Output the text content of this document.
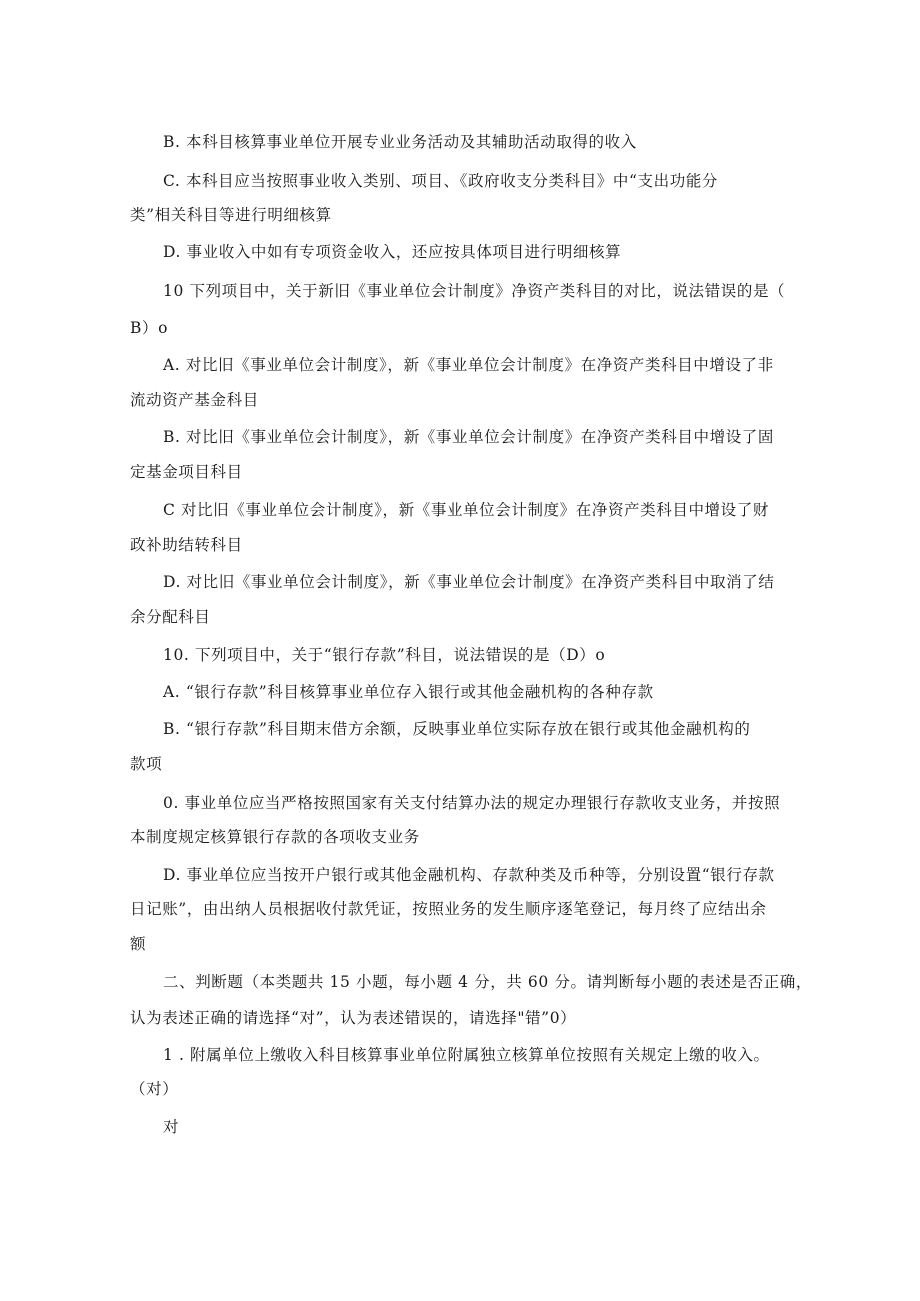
B. 本科目核算事业单位开展专业业务活动及其辅助活动取得的收入
C. 本科目应当按照事业收入类别、项目、《政府收支分类科目》中“支出功能分
类”相关科目等进行明细核算
D. 事业收入中如有专项资金收入，还应按具体项目进行明细核算
10 下列项目中，关于新旧《事业单位会计制度》净资产类科目的对比，说法错误的是（
B）o
A. 对比旧《事业单位会计制度》，新《事业单位会计制度》在净资产类科目中增设了非
流动资产基金科目
B. 对比旧《事业单位会计制度》，新《事业单位会计制度》在净资产类科目中增设了固
定基金项目科目
C 对比旧《事业单位会计制度》，新《事业单位会计制度》在净资产类科目中增设了财
政补助结转科目
D. 对比旧《事业单位会计制度》，新《事业单位会计制度》在净资产类科目中取消了结
余分配科目
10. 下列项目中，关于“银行存款”科目，说法错误的是（D）o
A. “银行存款”科目核算事业单位存入银行或其他金融机构的各种存款
B. “银行存款”科目期末借方余额，反映事业单位实际存放在银行或其他金融机构的
款项
0. 事业单位应当严格按照国家有关支付结算办法的规定办理银行存款收支业务，并按照
本制度规定核算银行存款的各项收支业务
D. 事业单位应当按开户银行或其他金融机构、存款种类及币种等，分别设置“银行存款
日记账”，由出纳人员根据收付款凭证，按照业务的发生顺序逐笔登记，每月终了应结出余
额
二、判断题（本类题共 15 小题，每小题 4 分，共 60 分。请判断每小题的表述是否正确，
认为表述正确的请选择“对”，认为表述错误的，请选择"错”0）
1 . 附属单位上缴收入科目核算事业单位附属独立核算单位按照有关规定上缴的收入。
（对）
对
